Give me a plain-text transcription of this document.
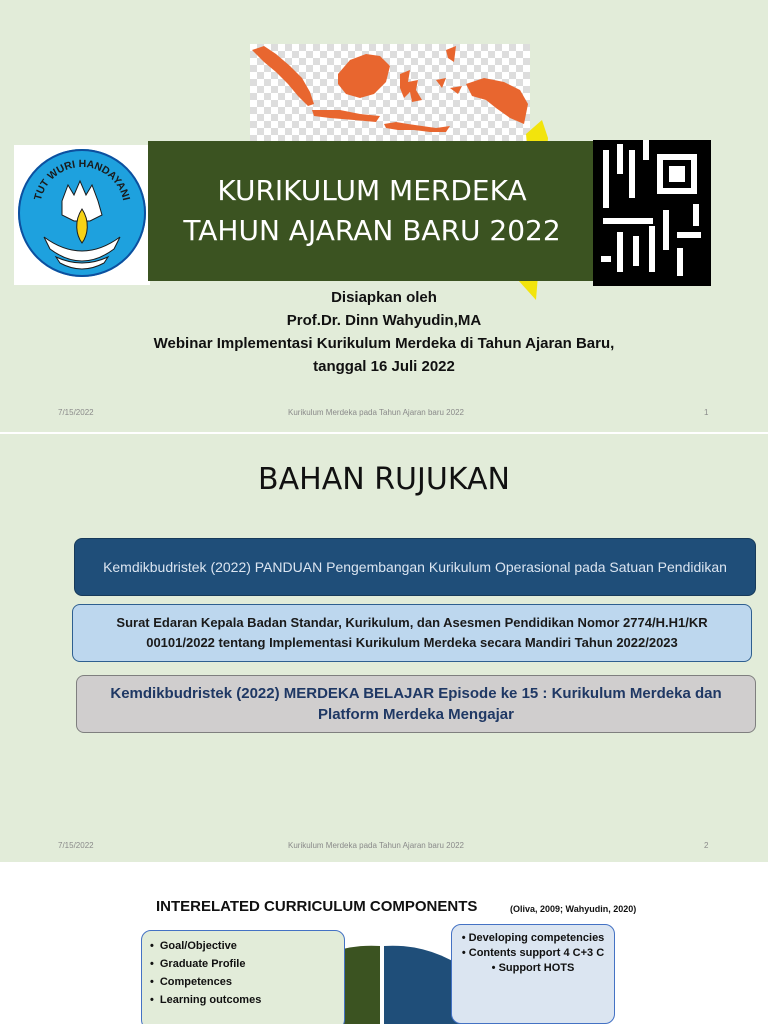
TUT WURI HANDAYANI	KURIKULUM MERDEKA
TAHUN AJARAN BARU 2022
Disiapkan oleh
Prof.Dr. Dinn Wahyudin,MA
Webinar Implementasi Kurikulum Merdeka di Tahun Ajaran Baru,
tanggal 16 Juli 2022
7/15/2022	Kurikulum Merdeka pada Tahun Ajaran baru 2022	1
BAHAN RUJUKAN
Kemdikbudristek (2022) PANDUAN Pengembangan Kurikulum Operasional pada Satuan Pendidikan
Surat Edaran Kepala Badan Standar, Kurikulum, dan Asesmen Pendidikan Nomor 2774/H.H1/KR 00101/2022 tentang Implementasi Kurikulum Merdeka secara Mandiri Tahun 2022/2023
Kemdikbudristek (2022) MERDEKA BELAJAR Episode ke 15 : Kurikulum Merdeka dan Platform Merdeka Mengajar
7/15/2022	Kurikulum Merdeka pada Tahun Ajaran baru 2022	2
INTERELATED CURRICULUM COMPONENTS	(Oliva, 2009; Wahyudin, 2020)
• Goal/Objective
• Graduate Profile
• Competences
• Learning outcomes
• Developing competencies
• Contents support 4 C+3 C
• Support HOTS
